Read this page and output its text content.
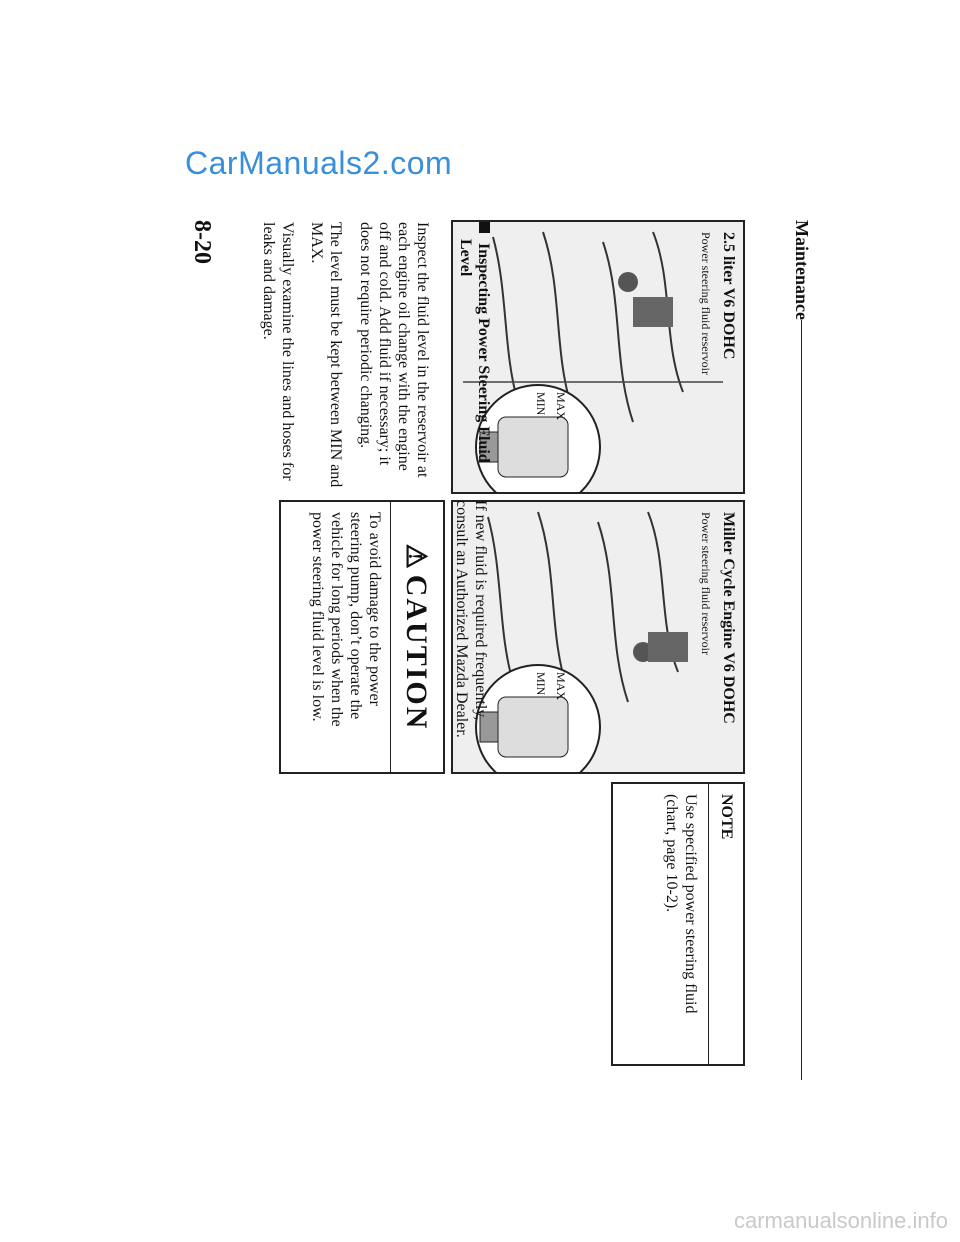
Maintenance
2.5 liter V6 DOHC
Power steering fluid reservoir
MAX
MIN
Miller Cycle Engine V6 DOHC
Power steering fluid reservoir
MAX
MIN
Inspecting Power Steering Fluid
Level
Inspect the fluid level in the reservoir at
each engine oil change with the engine
off and cold. Add fluid if necessary; it
does not require periodic changing.
The level must be kept between MIN and
MAX.
Visually examine the lines and hoses for
leaks and damage.
If new fluid is required frequently,
consult an Authorized Mazda Dealer.
⚠CAUTION
To avoid damage to the power
steering pump, don’t operate the
vehicle for long periods when the
power steering fluid level is low.
NOTE
Use specified power steering fluid
(chart, page 10-2).
8-20
CarManuals2.com
carmanualsonline.info
